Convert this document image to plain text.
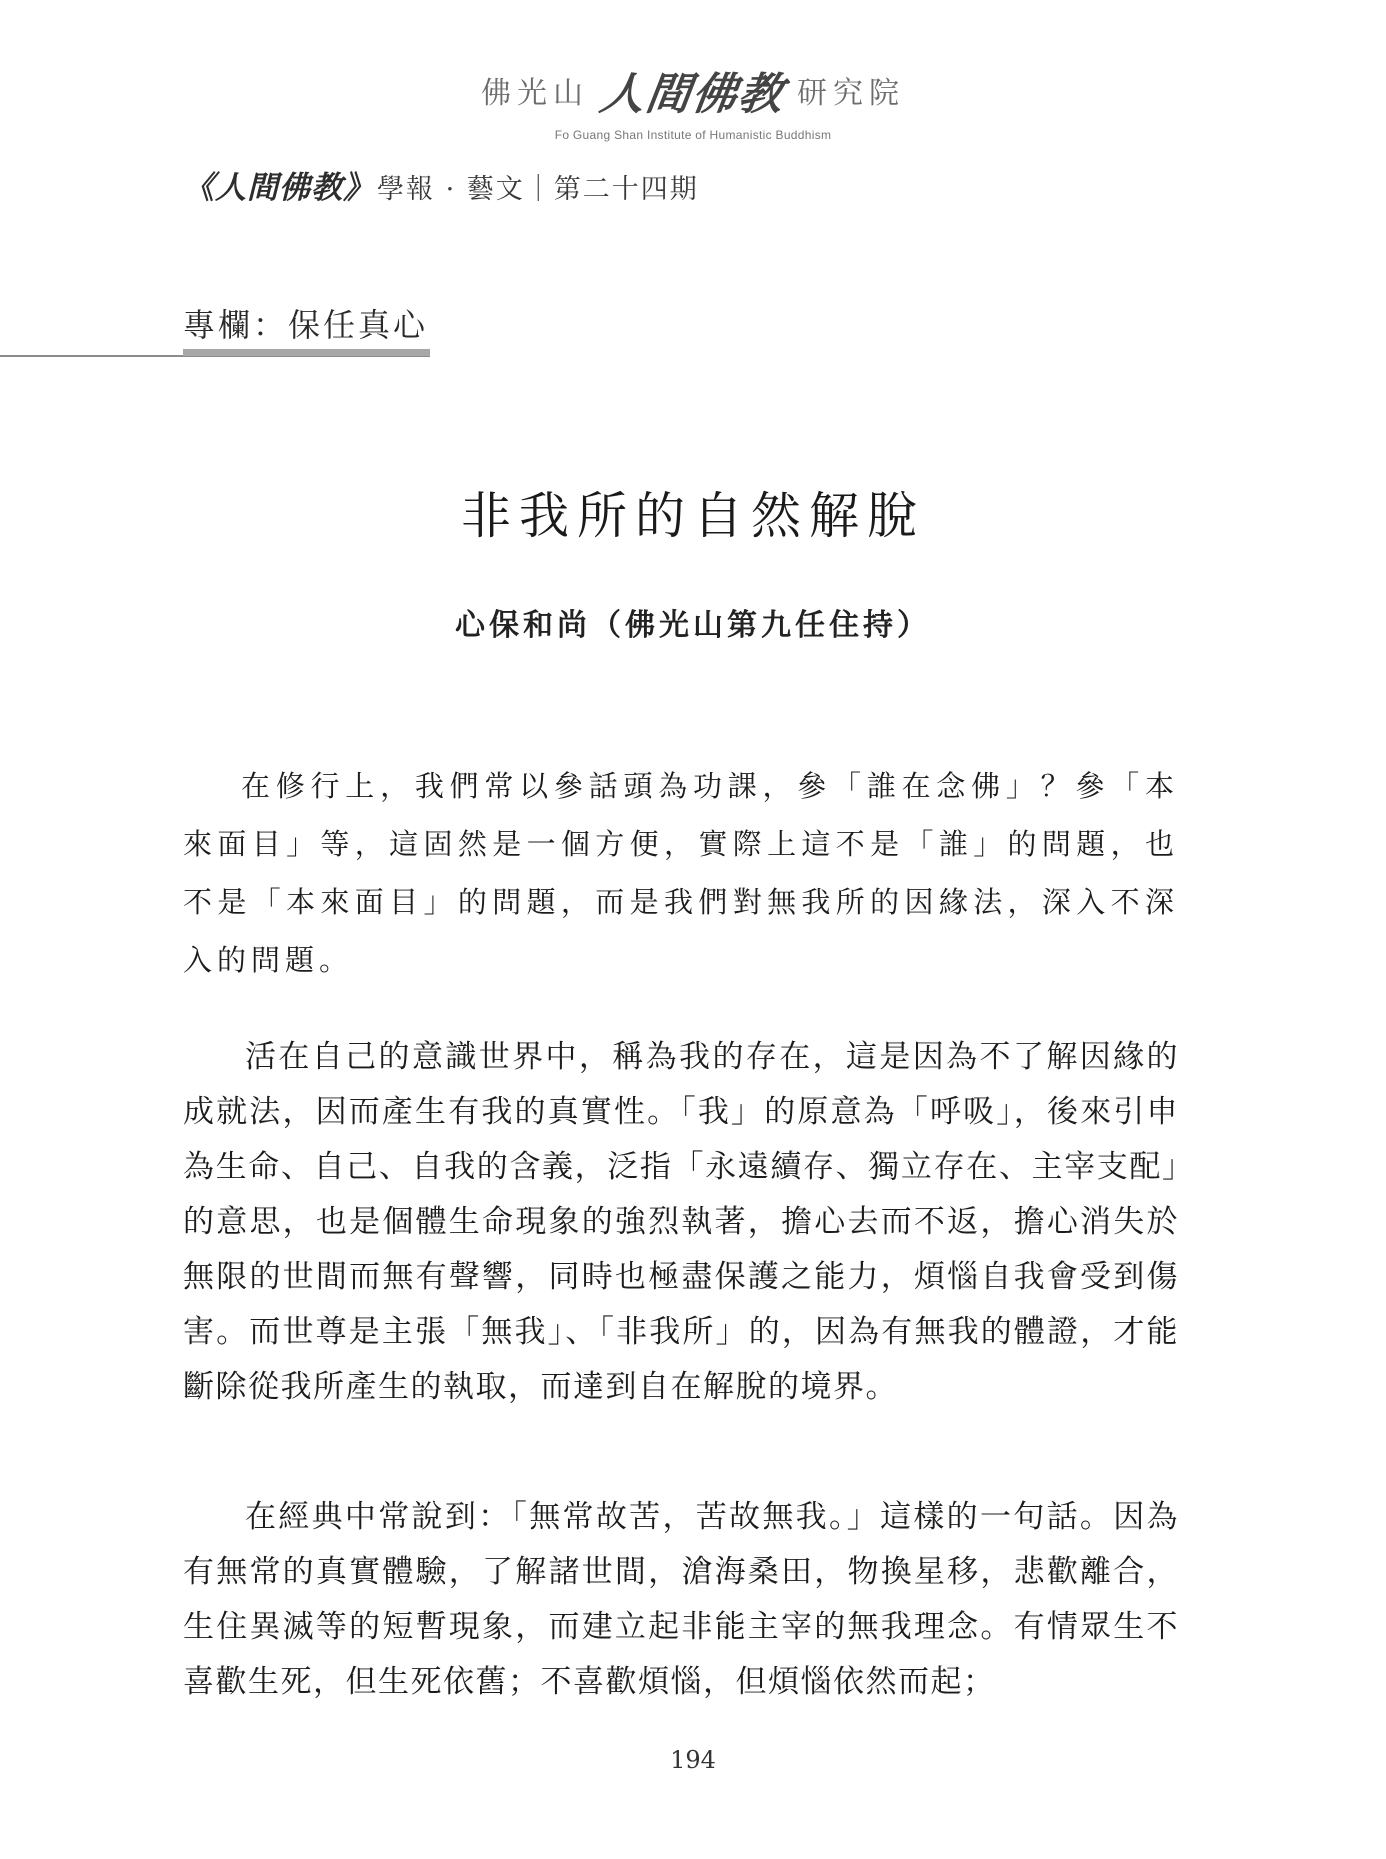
佛光山 人間佛教 研究院
Fo Guang Shan Institute of Humanistic Buddhism
《人間佛教》 學報 · 藝文｜第二十四期
專欄：保任真心
非我所的自然解脫
心保和尚（佛光山第九任住持）

在修行上，我們常以參話頭為功課，參「誰在念佛」？參「本來面目」等，這固然是一個方便，實際上這不是「誰」的問題，也不是「本來面目」的問題，而是我們對無我所的因緣法，深入不深入的問題。

活在自己的意識世界中，稱為我的存在，這是因為不了解因緣的成就法，因而產生有我的真實性。「我」的原意為「呼吸」，後來引申為生命、自己、自我的含義，泛指「永遠續存、獨立存在、主宰支配」的意思，也是個體生命現象的強烈執著，擔心去而不返，擔心消失於無限的世間而無有聲響，同時也極盡保護之能力，煩惱自我會受到傷害。而世尊是主張「無我」、「非我所」的，因為有無我的體證，才能斷除從我所產生的執取，而達到自在解脫的境界。

在經典中常說到：「無常故苦，苦故無我。」這樣的一句話。因為有無常的真實體驗，了解諸世間，滄海桑田，物換星移，悲歡離合，生住異滅等的短暫現象，而建立起非能主宰的無我理念。有情眾生不喜歡生死，但生死依舊；不喜歡煩惱，但煩惱依然而起；

194
